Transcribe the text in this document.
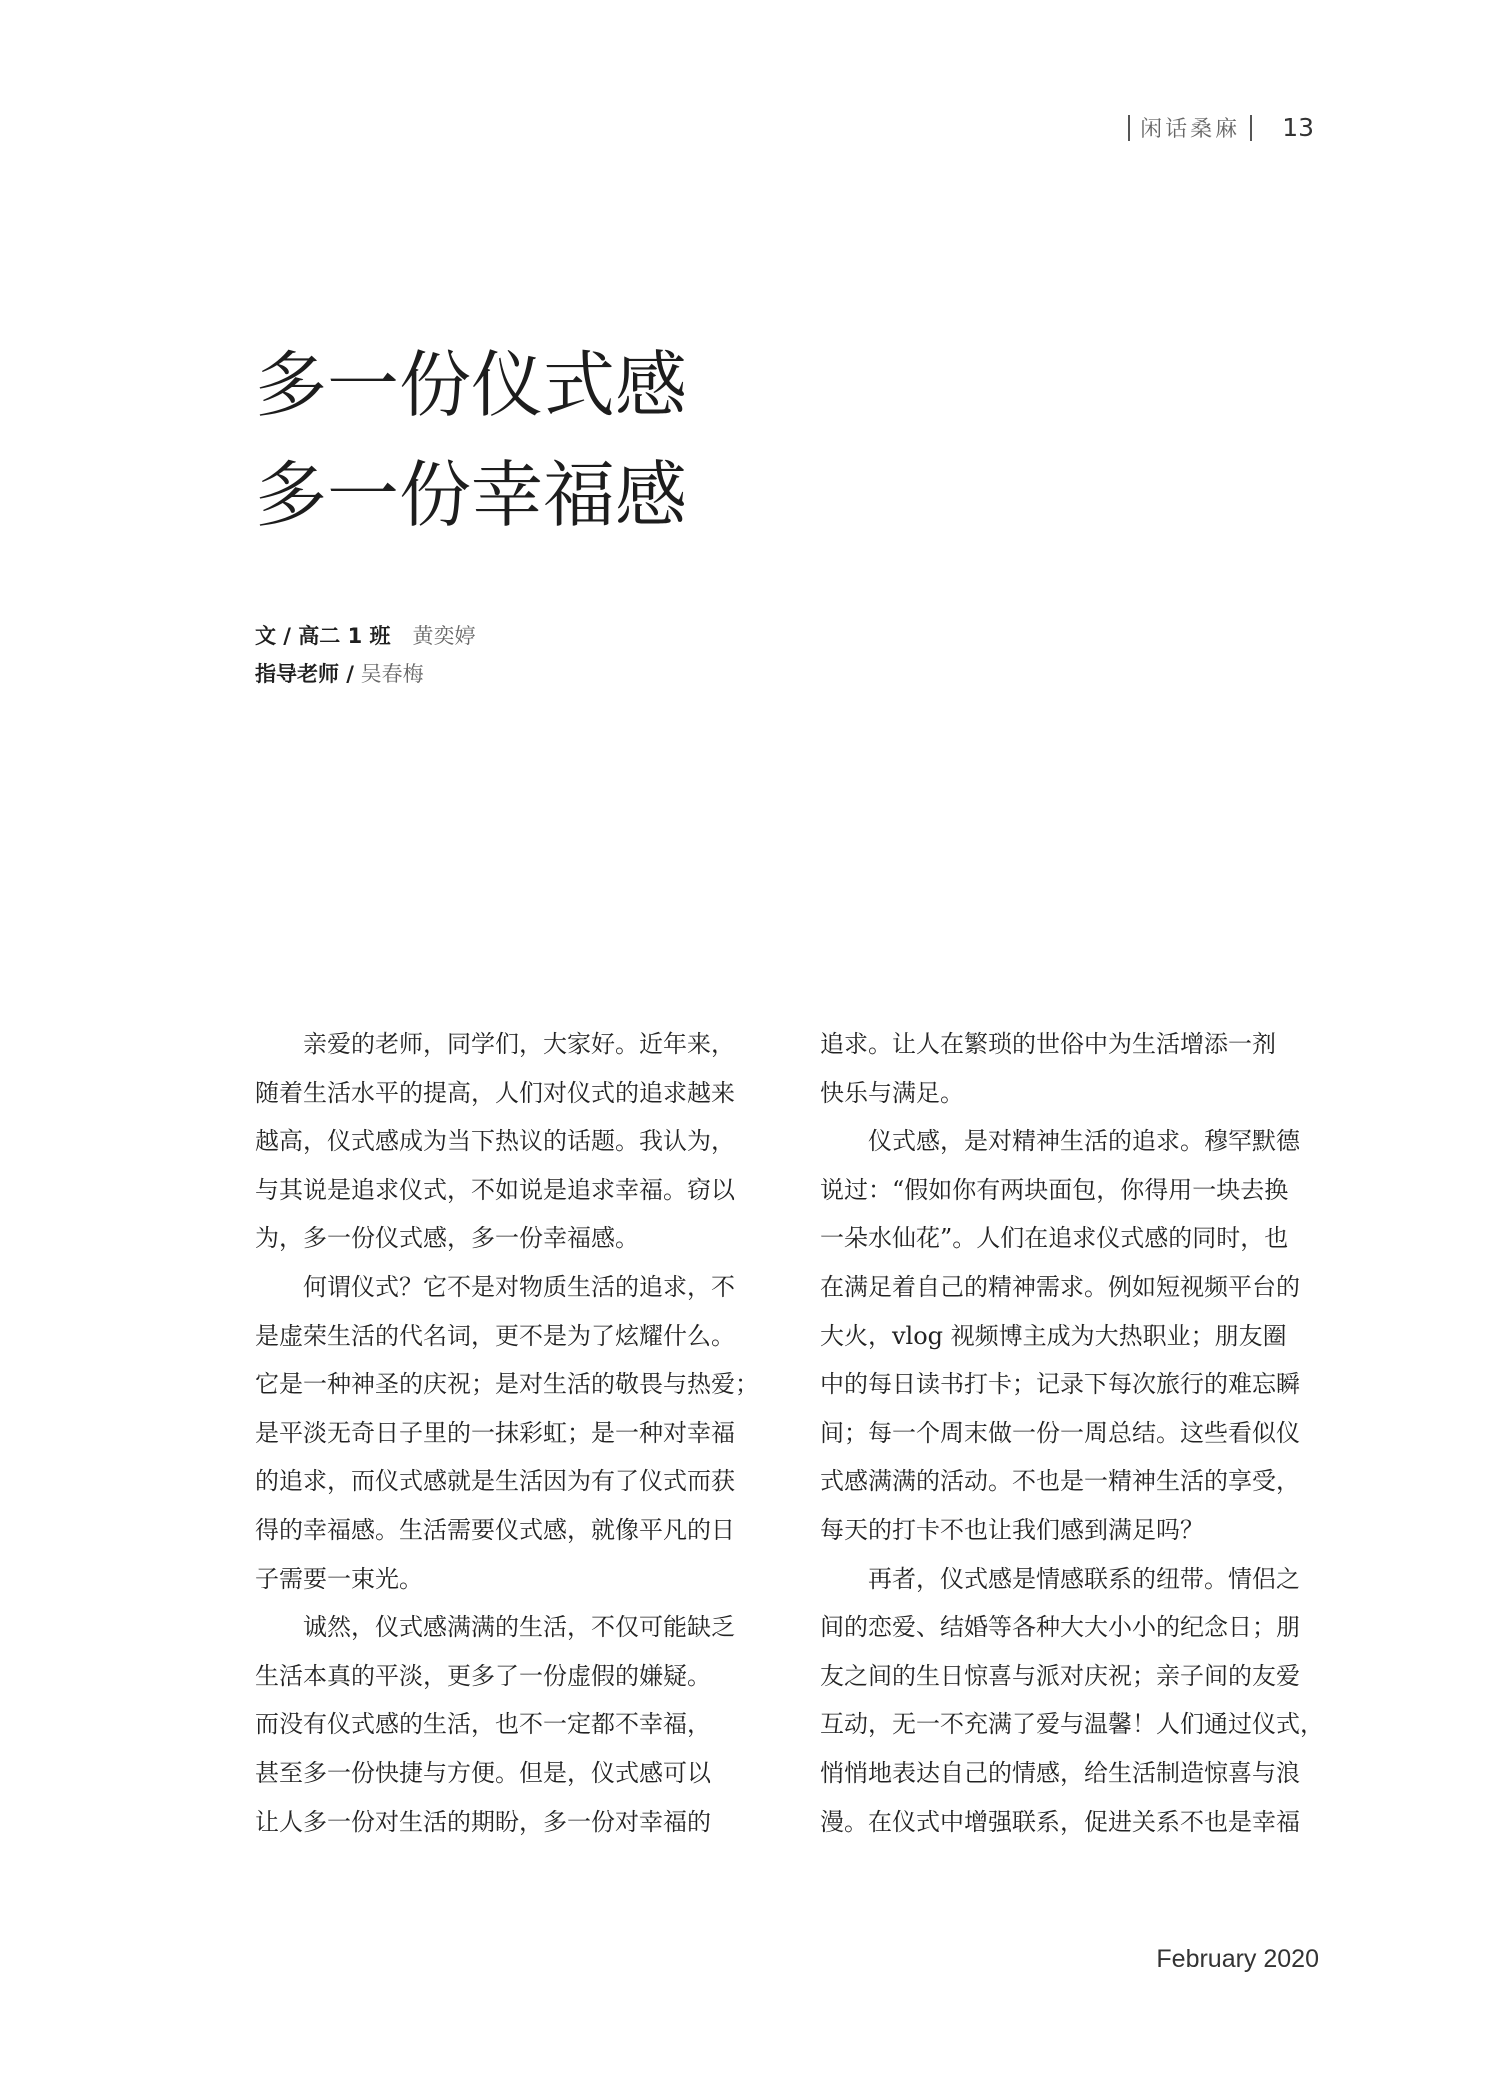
闲话桑麻 13
多一份仪式感
多一份幸福感
文 / 高二 1 班 黄奕婷
指导老师 / 吴春梅

　　亲爱的老师，同学们，大家好。近年来，

随着生活水平的提高，人们对仪式的追求越来

越高，仪式感成为当下热议的话题。我认为，

与其说是追求仪式，不如说是追求幸福。窃以

为，多一份仪式感，多一份幸福感。

　　何谓仪式？它不是对物质生活的追求，不

是虚荣生活的代名词，更不是为了炫耀什么。

它是一种神圣的庆祝；是对生活的敬畏与热爱；

是平淡无奇日子里的一抹彩虹；是一种对幸福

的追求，而仪式感就是生活因为有了仪式而获

得的幸福感。生活需要仪式感，就像平凡的日

子需要一束光。

　　诚然，仪式感满满的生活，不仅可能缺乏

生活本真的平淡，更多了一份虚假的嫌疑。

而没有仪式感的生活，也不一定都不幸福，

甚至多一份快捷与方便。但是，仪式感可以

让人多一份对生活的期盼，多一份对幸福的

追求。让人在繁琐的世俗中为生活增添一剂

快乐与满足。

　　仪式感，是对精神生活的追求。穆罕默德

说过：“假如你有两块面包，你得用一块去换

一朵水仙花”。人们在追求仪式感的同时，也

在满足着自己的精神需求。例如短视频平台的

大火，vlog 视频博主成为大热职业；朋友圈

中的每日读书打卡；记录下每次旅行的难忘瞬

间；每一个周末做一份一周总结。这些看似仪

式感满满的活动。不也是一精神生活的享受，

每天的打卡不也让我们感到满足吗？

　　再者，仪式感是情感联系的纽带。情侣之

间的恋爱、结婚等各种大大小小的纪念日；朋

友之间的生日惊喜与派对庆祝；亲子间的友爱

互动，无一不充满了爱与温馨！人们通过仪式，

悄悄地表达自己的情感，给生活制造惊喜与浪

漫。在仪式中增强联系，促进关系不也是幸福

February 2020
